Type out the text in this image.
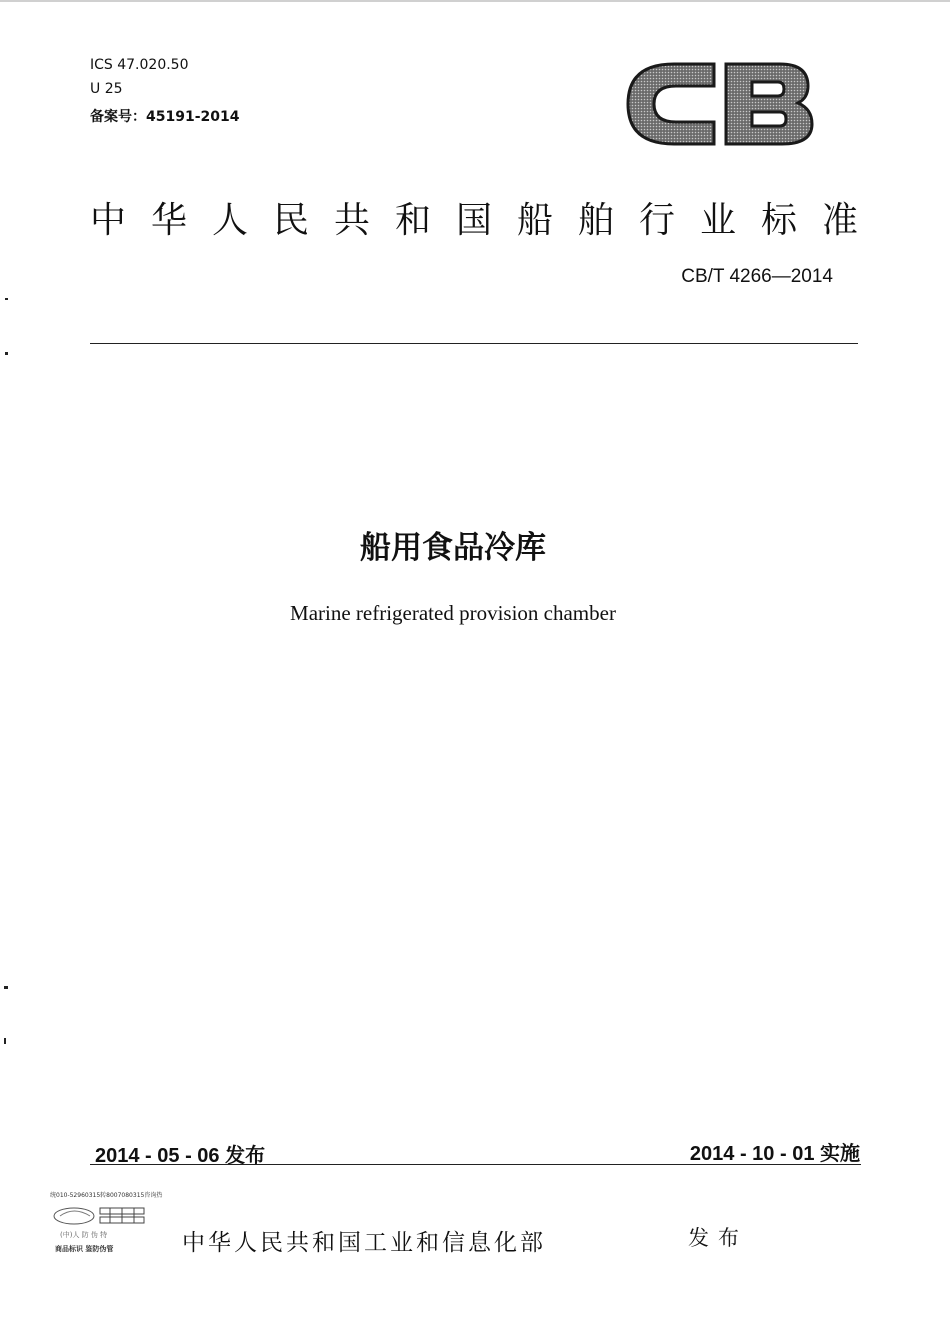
ICS 47.020.50
U 25
备案号：45191-2014
中华人民共和国船舶行业标准
CB/T 4266—2014
船用食品冷库
Marine refrigerated provision chamber
2014 - 05 - 06 发布	2014 - 10 - 01 实施
统010-52960315转8007080315咨询热
(中)人 防 伪 特
商品标识 鉴防伪管	中华人民共和国工业和信息化部	发布
